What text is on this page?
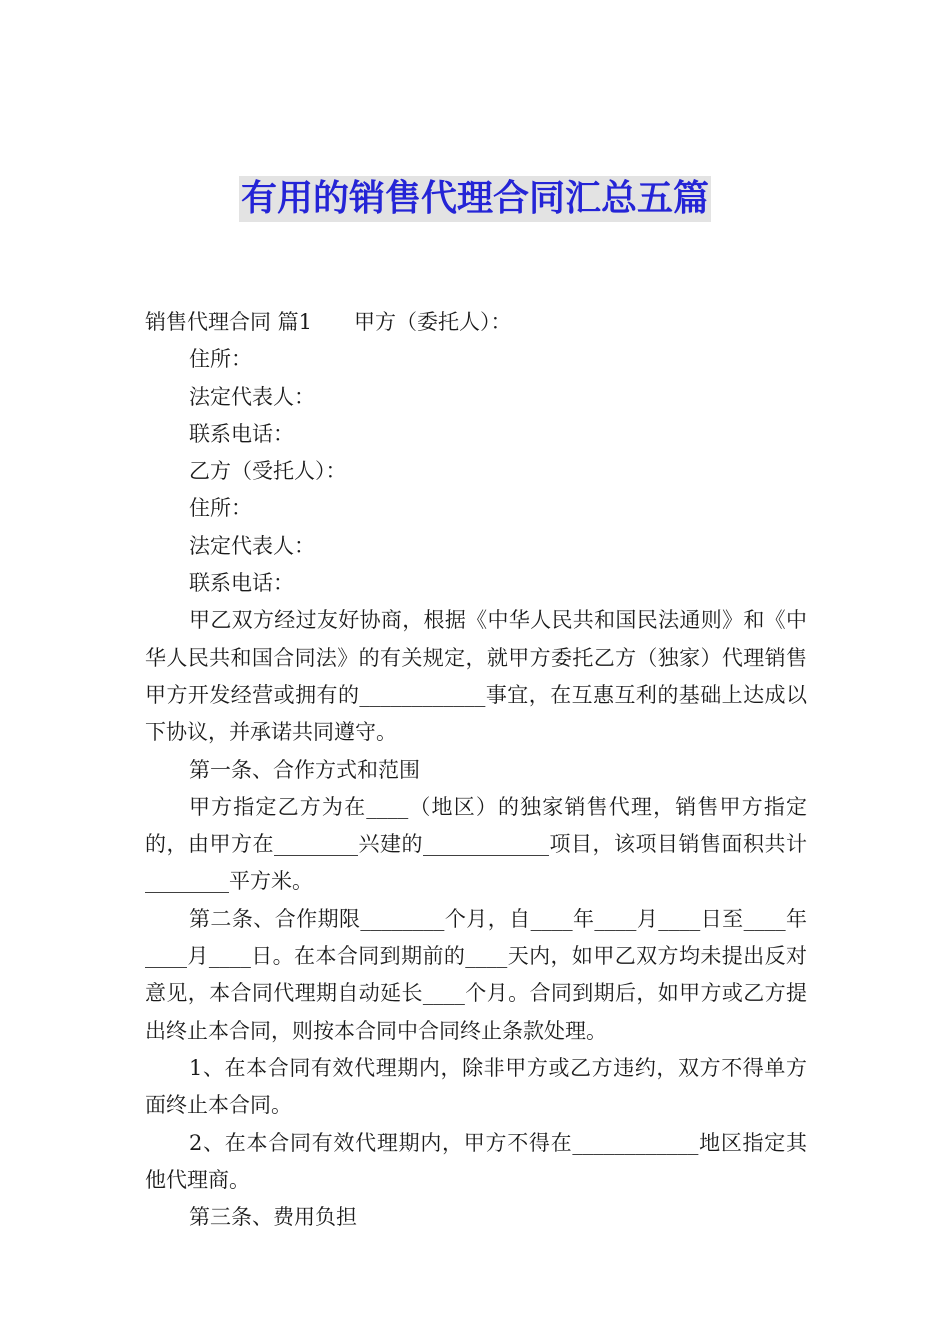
有用的销售代理合同汇总五篇

销售代理合同 篇1 甲方（委托人）：

住所：

法定代表人：

联系电话：

乙方（受托人）：

住所：

法定代表人：

联系电话：

甲乙双方经过友好协商，根据《中华人民共和国民法通则》和《中华人民共和国合同法》的有关规定，就甲方委托乙方（独家）代理销售甲方开发经营或拥有的____________事宜，在互惠互利的基础上达成以下协议，并承诺共同遵守。

第一条、合作方式和范围

甲方指定乙方为在____（地区）的独家销售代理，销售甲方指定的，由甲方在________兴建的____________项目，该项目销售面积共计________平方米。

第二条、合作期限________个月，自____年____月____日至____年____月____日。在本合同到期前的____天内，如甲乙双方均未提出反对意见，本合同代理期自动延长____个月。合同到期后，如甲方或乙方提出终止本合同，则按本合同中合同终止条款处理。

1、在本合同有效代理期内，除非甲方或乙方违约，双方不得单方面终止本合同。

2、在本合同有效代理期内，甲方不得在____________地区指定其他代理商。

第三条、费用负担
